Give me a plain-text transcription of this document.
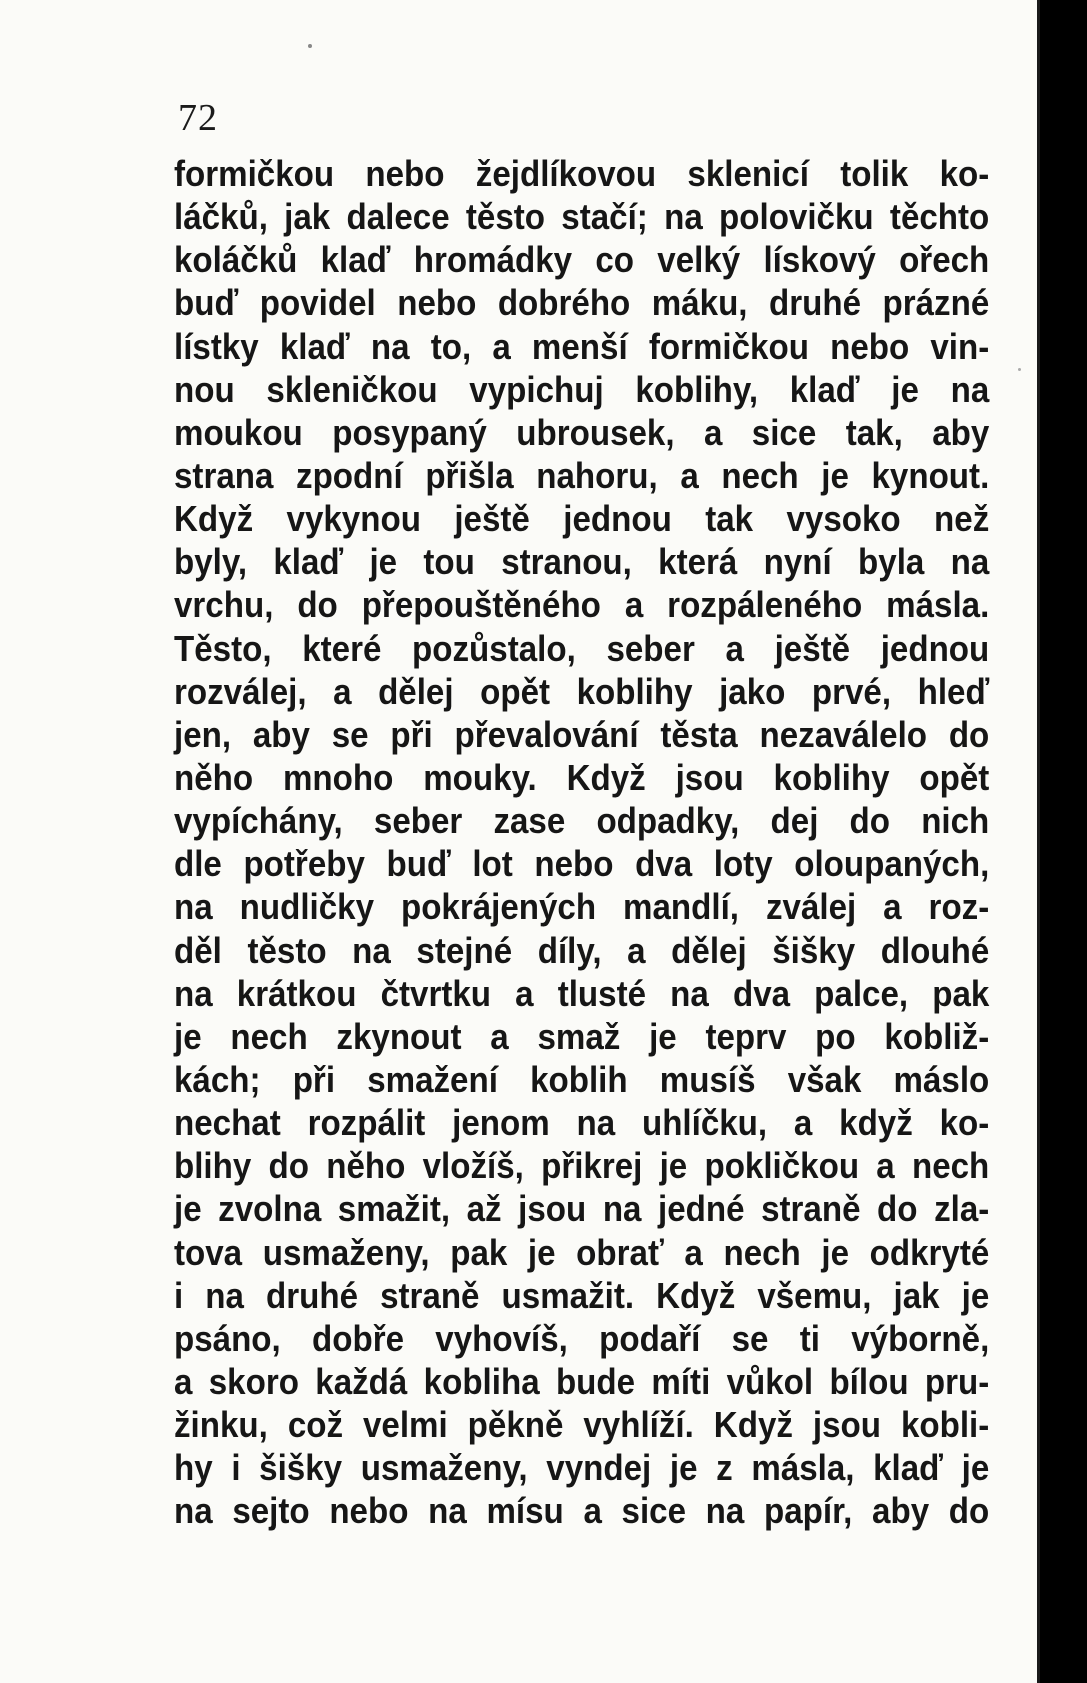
72
formičkou nebo žejdlíkovou sklenicí tolik ko-
láčků, jak dalece těsto stačí; na polovičku těchto
koláčků klaď hromádky co velký lískový ořech
buď povidel nebo dobrého máku, druhé prázné
lístky klaď na to, a menší formičkou nebo vin-
nou skleničkou vypichuj koblihy, klaď je na
moukou posypaný ubrousek, a sice tak, aby
strana zpodní přišla nahoru, a nech je kynout.
Když vykynou ještě jednou tak vysoko než
byly, klaď je tou stranou, která nyní byla na
vrchu, do přepouštěného a rozpáleného másla.
Těsto, které pozůstalo, seber a ještě jednou
rozválej, a dělej opět koblihy jako prvé, hleď
jen, aby se při převalování těsta nezaválelo do
něho mnoho mouky. Když jsou koblihy opět
vypíchány, seber zase odpadky, dej do nich
dle potřeby buď lot nebo dva loty oloupaných,
na nudličky pokrájených mandlí, zválej a roz-
děl těsto na stejné díly, a dělej šišky dlouhé
na krátkou čtvrtku a tlusté na dva palce, pak
je nech zkynout a smaž je teprv po kobliž-
kách; při smažení koblih musíš však máslo
nechat rozpálit jenom na uhlíčku, a když ko-
blihy do něho vložíš, přikrej je pokličkou a nech
je zvolna smažit, až jsou na jedné straně do zla-
tova usmaženy, pak je obrať a nech je odkryté
i na druhé straně usmažit. Když všemu, jak je
psáno, dobře vyhovíš, podaří se ti výborně,
a skoro každá kobliha bude míti vůkol bílou pru-
žinku, což velmi pěkně vyhlíží. Když jsou kobli-
hy i šišky usmaženy, vyndej je z másla, klaď je
na sejto nebo na mísu a sice na papír, aby do
